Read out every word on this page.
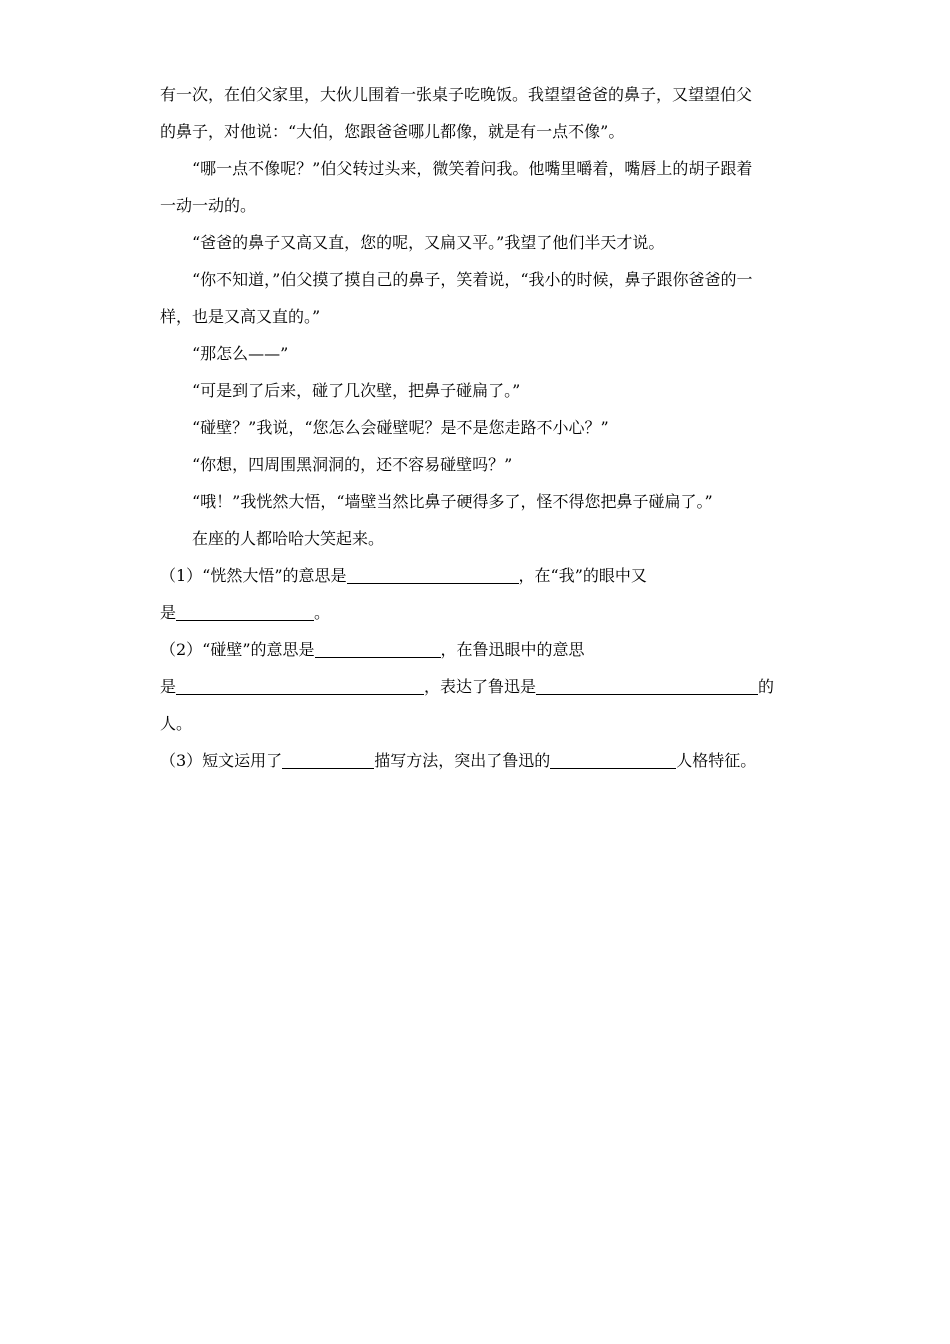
有一次，在伯父家里，大伙儿围着一张桌子吃晚饭。我望望爸爸的鼻子，又望望伯父

的鼻子，对他说：“大伯，您跟爸爸哪儿都像，就是有一点不像”。

“哪一点不像呢？”伯父转过头来，微笑着问我。他嘴里嚼着，嘴唇上的胡子跟着

一动一动的。

“爸爸的鼻子又高又直，您的呢，又扁又平。”我望了他们半天才说。

“你不知道，”伯父摸了摸自己的鼻子，笑着说，“我小的时候，鼻子跟你爸爸的一

样，也是又高又直的。”

“那怎么——”

“可是到了后来，碰了几次壁，把鼻子碰扁了。”

“碰壁？”我说，“您怎么会碰壁呢？是不是您走路不小心？”

“你想，四周围黑洞洞的，还不容易碰壁吗？”

“哦！”我恍然大悟，“墙壁当然比鼻子硬得多了，怪不得您把鼻子碰扁了。”

在座的人都哈哈大笑起来。

（1）“恍然大悟”的意思是	，在“我”的眼中又

是	。

（2）“碰壁”的意思是	，在鲁迅眼中的意思

是	，表达了鲁迅是	的

人。

（3）短文运用了	描写方法，突出了鲁迅的	人格特征。
